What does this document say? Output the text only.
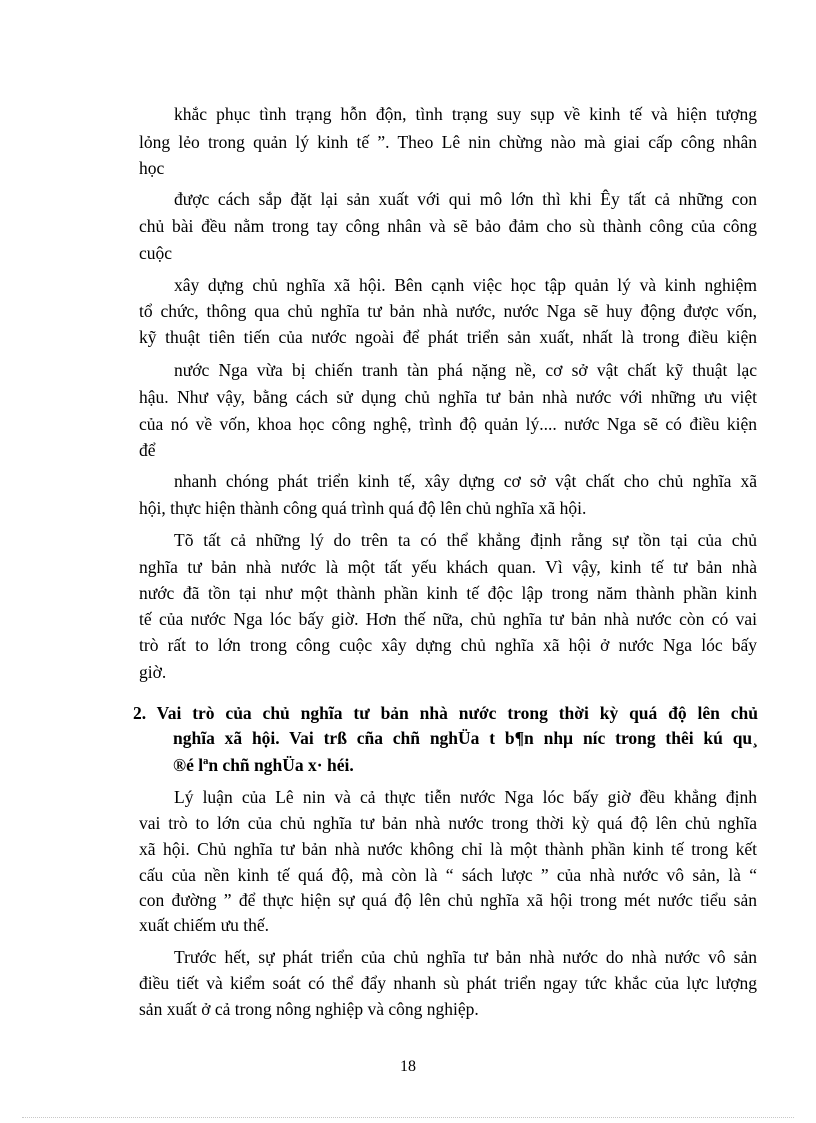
khắc phục tình trạng hỗn độn, tình trạng suy sụp về kinh tế và hiện tượng

lỏng lẻo trong quản lý kinh tế ”. Theo Lê nin chừng nào mà giai cấp công nhân

học

được cách sắp đặt lại sản xuất với qui mô lớn thì khi Êy tất cả những con

chủ bài đều nằm trong tay công nhân và sẽ bảo đảm cho sù thành công của công

cuộc

xây dựng chủ nghĩa xã hội. Bên cạnh việc học tập quản lý và kinh nghiệm

tổ chức, thông qua chủ nghĩa tư bản nhà nước, nước Nga sẽ huy động được vốn,

kỹ thuật tiên tiến của nước ngoài để phát triển sản xuất, nhất là trong điều kiện

nước Nga vừa bị chiến tranh tàn phá nặng nề, cơ sở vật chất kỹ thuật lạc

hậu. Như vậy, bằng cách sử dụng chủ nghĩa tư bản nhà nước với những ưu việt

của nó về vốn, khoa học công nghệ, trình độ quản lý.... nước Nga sẽ có điều kiện

để

nhanh chóng phát triển kinh tế, xây dựng cơ sở vật chất cho chủ nghĩa xã

hội, thực hiện thành công quá trình quá độ lên chủ nghĩa xã hội.

Tõ tất cả những lý do trên ta có thể khẳng định rằng sự tồn tại của chủ

nghĩa tư bản nhà nước là một tất yếu khách quan. Vì vậy, kinh tế tư bản nhà

nước đã tồn tại như một thành phần kinh tế độc lập trong năm thành phần kinh

tế của nước Nga lóc bấy giờ. Hơn thế nữa, chủ nghĩa tư bản nhà nước còn có vai

trò rất to lớn trong công cuộc xây dựng chủ nghĩa xã hội ở nước Nga lóc bấy

giờ.

2. Vai trò của chủ nghĩa tư bản nhà nước trong thời kỳ quá độ lên chủ

nghĩa xã hội. Vai trß cña chñ nghÜa t b¶n nhµ níc trong thêi kú qu¸

®é lªn chñ nghÜa x· héi.

Lý luận của Lê nin và cả thực tiễn nước Nga lóc bấy giờ đều khẳng định

vai trò to lớn của chủ nghĩa tư bản nhà nước trong thời kỳ quá độ lên chủ nghĩa

xã hội. Chủ nghĩa tư bản nhà nước không chỉ là một thành phần kinh tế trong kết

cấu của nền kinh tế quá độ, mà còn là “ sách lược ” của nhà nước vô sản, là “

con đường ” để thực hiện sự quá độ lên chủ nghĩa xã hội trong mét nước tiểu sản

xuất chiếm ưu thế.

Trước hết, sự phát triển của chủ nghĩa tư bản nhà nước do nhà nước vô sản

điều tiết và kiểm soát có thể đẩy nhanh sù phát triển ngay tức khắc của lực lượng

sản xuất ở cả trong nông nghiệp và công nghiệp.

18
